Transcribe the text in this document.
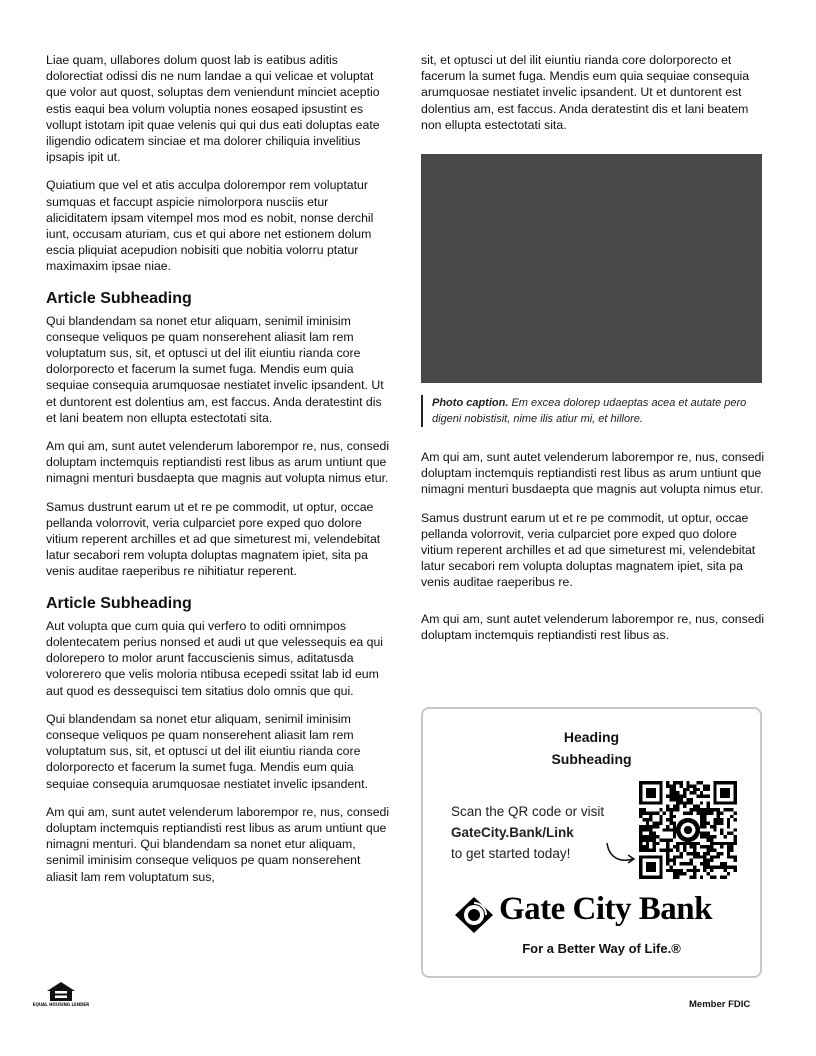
Liae quam, ullabores dolum quost lab is eatibus aditis dolorectiat odissi dis ne num landae a qui velicae et voluptat que volor aut quost, soluptas dem veniendunt minciet aceptio estis eaqui bea volum voluptia nones eosaped ipsustint es vollupt istotam ipit quae velenis qui qui dus eati doluptas eate iligendio odicatem sinciae et ma dolorer chiliquia invelitius ipsapis ipit ut.

Quiatium que vel et atis acculpa dolorempor rem voluptatur sumquas et faccupt aspicie nimolorpora nusciis etur aliciditatem ipsam vitempel mos mod es nobit, nonse derchil iunt, occusam aturiam, cus et qui abore net estionem dolum escia pliquiat acepudion nobisiti que nobitia volorru ptatur maximaxim ipsae niae.

Article Subheading

Qui blandendam sa nonet etur aliquam, senimil iminisim conseque veliquos pe quam nonserehent aliasit lam rem voluptatum sus, sit, et optusci ut del ilit eiuntiu rianda core dolorporecto et facerum la sumet fuga. Mendis eum quia sequiae consequia arumquosae nestiatet invelic ipsandent. Ut et duntorent est dolentius am, est faccus. Anda deratestint dis et lani beatem non ellupta estectotati sita.

Am qui am, sunt autet velenderum laborempor re, nus, consedi doluptam inctemquis reptiandisti rest libus as arum untiunt que nimagni menturi busdaepta que magnis aut volupta nimus etur.

Samus dustrunt earum ut et re pe commodit, ut optur, occae pellanda volorrovit, veria culparciet pore exped quo dolore vitium reperent archilles et ad que simeturest mi, velendebitat latur secabori rem volupta doluptas magnatem ipiet, sita pa venis auditae raeperibus re nihitiatur reperent.

Article Subheading

Aut volupta que cum quia qui verfero to oditi omnimpos dolentecatem perius nonsed et audi ut que velessequis ea qui dolorepero to molor arunt faccuscienis simus, aditatusda volorerero que velis moloria ntibusa ecepedi ssitat lab id eum aut quod es dessequisci tem sitatius dolo omnis que qui.

Qui blandendam sa nonet etur aliquam, senimil iminisim conseque veliquos pe quam nonserehent aliasit lam rem voluptatum sus, sit, et optusci ut del ilit eiuntiu rianda core dolorporecto et facerum la sumet fuga. Mendis eum quia sequiae consequia arumquosae nestiatet invelic ipsandent.

Am qui am, sunt autet velenderum laborempor re, nus, consedi doluptam inctemquis reptiandisti rest libus as arum untiunt que nimagni menturi. Qui blandendam sa nonet etur aliquam, senimil iminisim conseque veliquos pe quam nonserehent aliasit lam rem voluptatum sus,

sit, et optusci ut del ilit eiuntiu rianda core dolorporecto et facerum la sumet fuga. Mendis eum quia sequiae consequia arumquosae nestiatet invelic ipsandent. Ut et duntorent est dolentius am, est faccus. Anda deratestint dis et lani beatem non ellupta estectotati sita.

Photo caption. Em excea dolorep udaeptas acea et autate pero digeni nobistisit, nime ilis atiur mi, et hillore.

Am qui am, sunt autet velenderum laborempor re, nus, consedi doluptam inctemquis reptiandisti rest libus as arum untiunt que nimagni menturi busdaepta que magnis aut volupta nimus etur.

Samus dustrunt earum ut et re pe commodit, ut optur, occae pellanda volorrovit, veria culparciet pore exped quo dolore vitium reperent archilles et ad que simeturest mi, velendebitat latur secabori rem volupta doluptas magnatem ipiet, sita pa venis auditae raeperibus re.

Am qui am, sunt autet velenderum laborempor re, nus, consedi doluptam inctemquis reptiandisti rest libus as.

Heading
Subheading
Scan the QR code or visit
GateCity.Bank/Link
to get started today!
Gate City Bank
For a Better Way of Life.®
EQUAL HOUSING LENDER	Member FDIC
